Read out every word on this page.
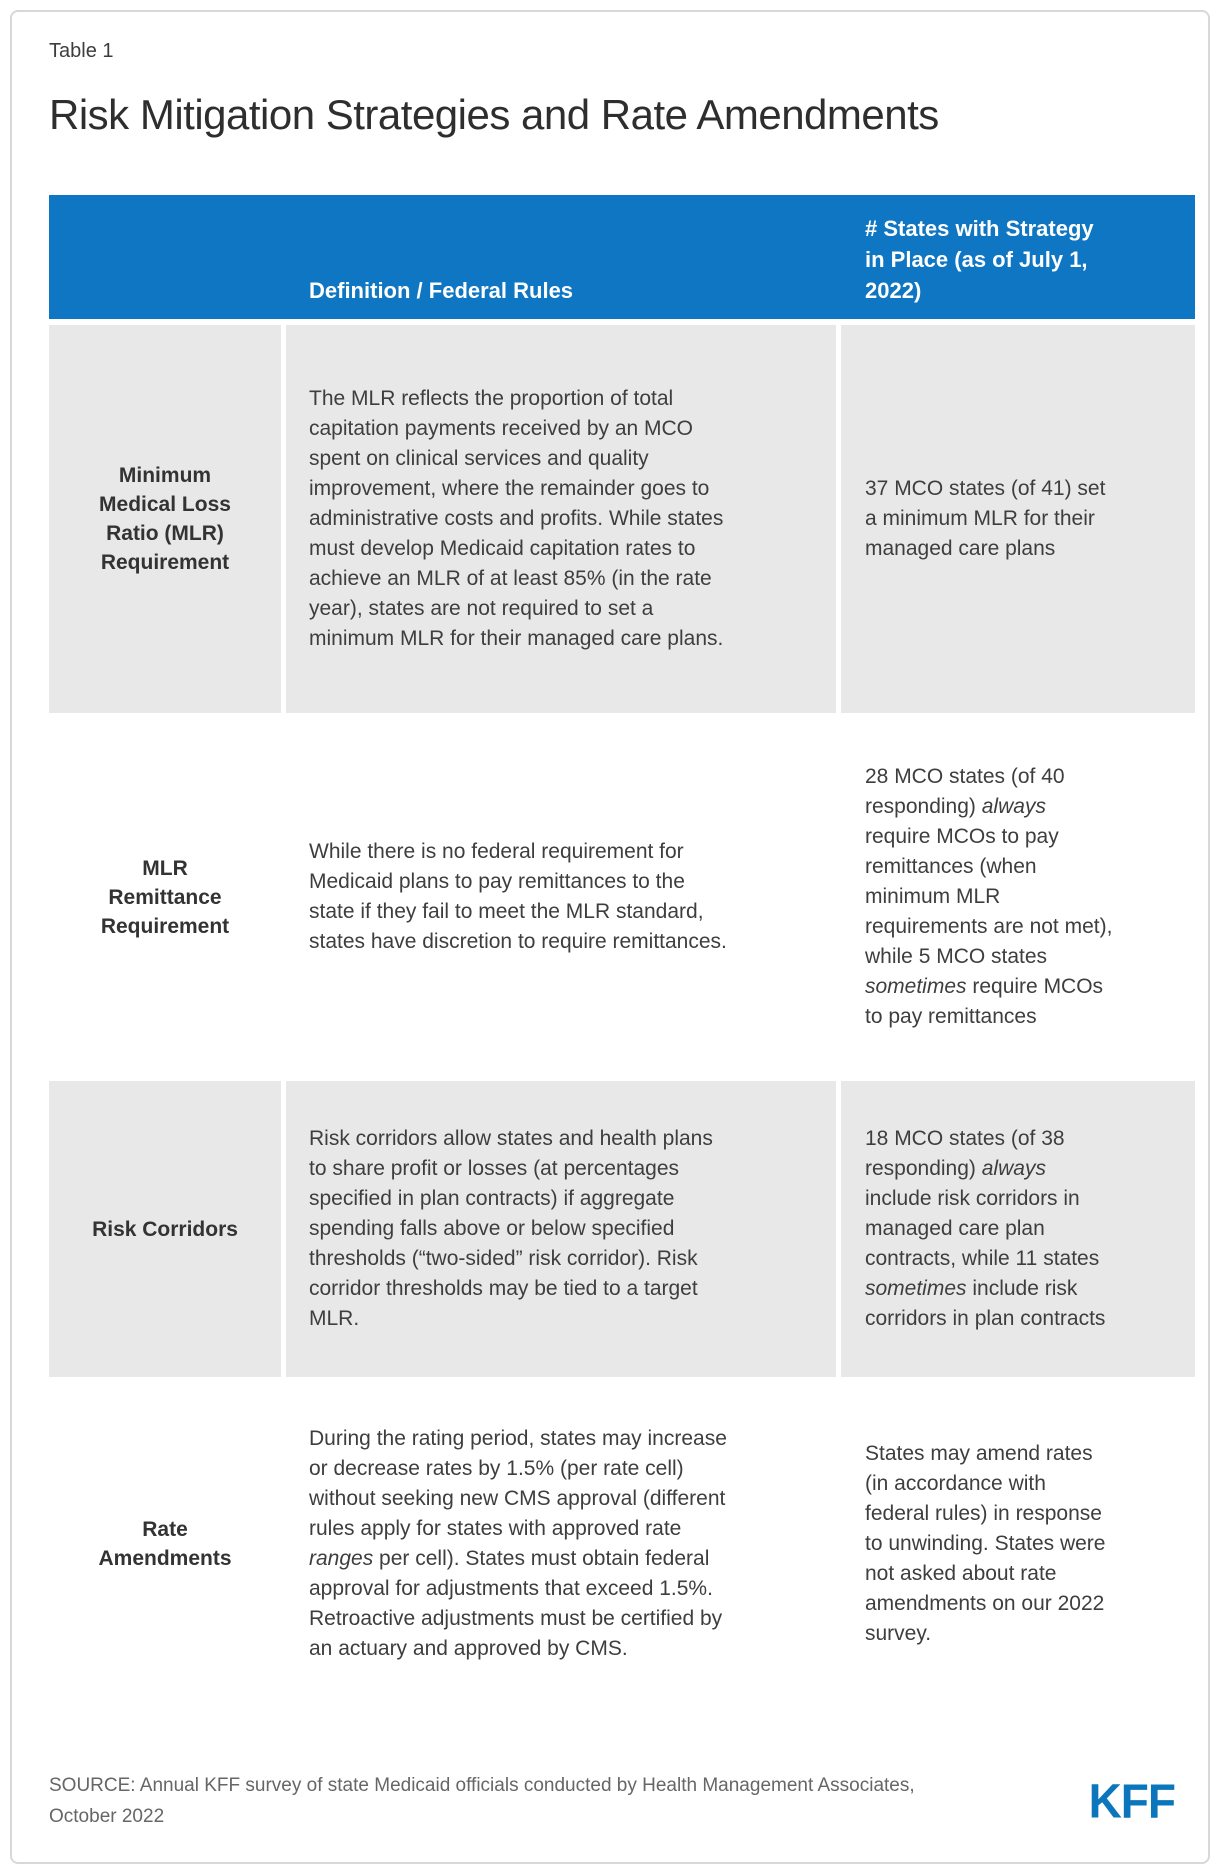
Table 1
Risk Mitigation Strategies and Rate Amendments
Definition / Federal Rules
# States with Strategy in Place (as of July 1, 2022)
Minimum Medical Loss Ratio (MLR) Requirement
The MLR reflects the proportion of total capitation payments received by an MCO spent on clinical services and quality improvement, where the remainder goes to administrative costs and profits. While states must develop Medicaid capitation rates to achieve an MLR of at least 85% (in the rate year), states are not required to set a minimum MLR for their managed care plans.
37 MCO states (of 41) set a minimum MLR for their managed care plans
MLR Remittance Requirement
While there is no federal requirement for Medicaid plans to pay remittances to the state if they fail to meet the MLR standard, states have discretion to require remittances.
28 MCO states (of 40 responding) always require MCOs to pay remittances (when minimum MLR requirements are not met), while 5 MCO states sometimes require MCOs to pay remittances
Risk Corridors
Risk corridors allow states and health plans to share profit or losses (at percentages specified in plan contracts) if aggregate spending falls above or below specified thresholds (“two-sided” risk corridor). Risk corridor thresholds may be tied to a target MLR.
18 MCO states (of 38 responding) always include risk corridors in managed care plan contracts, while 11 states sometimes include risk corridors in plan contracts
Rate Amendments
During the rating period, states may increase or decrease rates by 1.5% (per rate cell) without seeking new CMS approval (different rules apply for states with approved rate ranges per cell). States must obtain federal approval for adjustments that exceed 1.5%. Retroactive adjustments must be certified by an actuary and approved by CMS.
States may amend rates (in accordance with federal rules) in response to unwinding. States were not asked about rate amendments on our 2022 survey.
SOURCE: Annual KFF survey of state Medicaid officials conducted by Health Management Associates, October 2022	KFF
